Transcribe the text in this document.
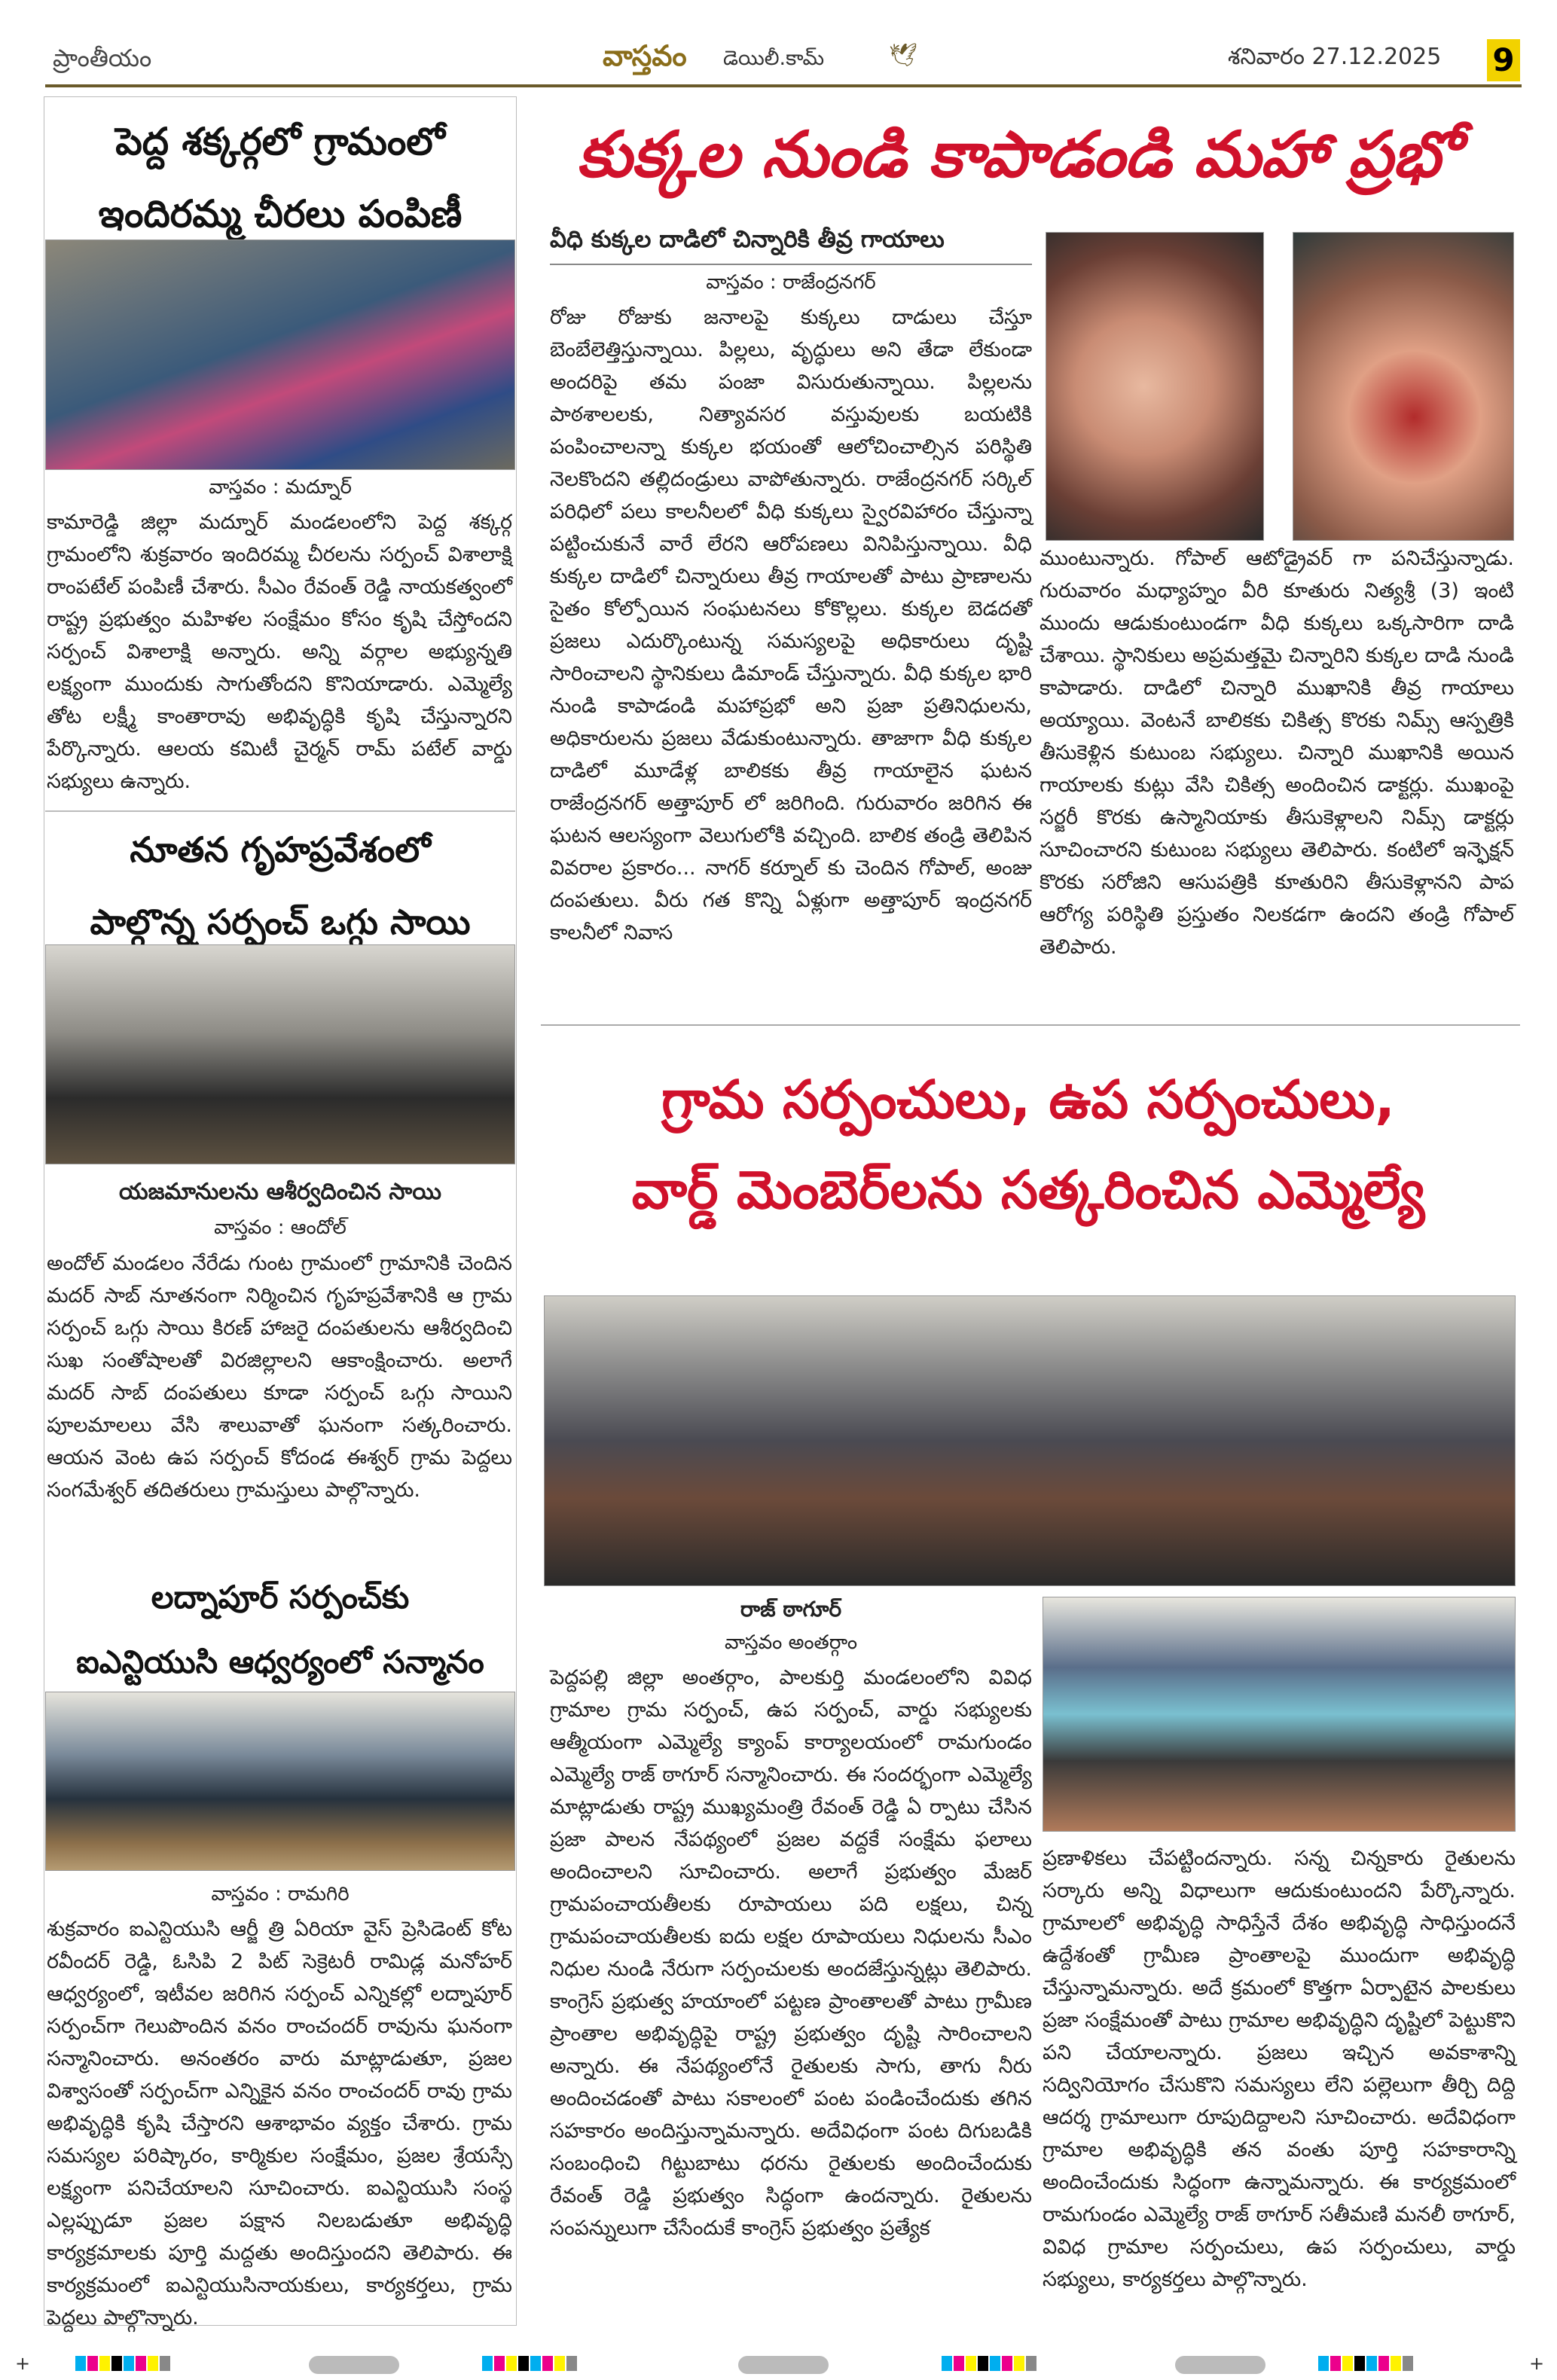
ప్రాంతీయం	వాస్తవం డెయిలీ.కామ్	🕊	శనివారం 27.12.2025 9
పెద్ద శక్కర్గలో గ్రామంలో
ఇందిరమ్మ చీరలు పంపిణీ
వాస్తవం : మద్నూర్

కామారెడ్డి జిల్లా మద్నూర్ మండలంలోని పెద్ద శక్కర్గ గ్రామంలోని శుక్రవారం ఇందిరమ్మ చీరలను సర్పంచ్ విశాలాక్షి రాంపటేల్ పంపిణీ చేశారు. సీఎం రేవంత్ రెడ్డి నాయకత్వంలో రాష్ట్ర ప్రభుత్వం మహిళల సంక్షేమం కోసం కృషి చేస్తోందని సర్పంచ్ విశాలాక్షి అన్నారు. అన్ని వర్గాల అభ్యున్నతి లక్ష్యంగా ముందుకు సాగుతోందని కొనియాడారు. ఎమ్మెల్యే తోట లక్ష్మీ కాంతారావు అభివృద్ధికి కృషి చేస్తున్నారని పేర్కొన్నారు. ఆలయ కమిటీ చైర్మన్ రామ్ పటేల్ వార్డు సభ్యులు ఉన్నారు.

నూతన గృహప్రవేశంలో
పాల్గొన్న సర్పంచ్ ఒగ్గు సాయి
యజమానులను ఆశీర్వదించిన సాయి
వాస్తవం : ఆందోల్

అందోల్ మండలం నేరేడు గుంట గ్రామంలో గ్రామానికి చెందిన మదర్ సాబ్ నూతనంగా నిర్మించిన గృహప్రవేశానికి ఆ గ్రామ సర్పంచ్ ఒగ్గు సాయి కిరణ్ హాజరై దంపతులను ఆశీర్వదించి సుఖ సంతోషాలతో విరజిల్లాలని ఆకాంక్షించారు. అలాగే మదర్ సాబ్ దంపతులు కూడా సర్పంచ్ ఒగ్గు సాయిని పూలమాలలు వేసి శాలువాతో ఘనంగా సత్కరించారు. ఆయన వెంట ఉప సర్పంచ్ కోదండ ఈశ్వర్ గ్రామ పెద్దలు సంగమేశ్వర్ తదితరులు గ్రామస్తులు పాల్గొన్నారు.

లద్నాపూర్ సర్పంచ్‌కు
ఐఎన్టియుసి ఆధ్వర్యంలో సన్మానం
వాస్తవం : రామగిరి

శుక్రవారం ఐఎన్టియుసి ఆర్జీ త్రి ఏరియా వైస్ ప్రెసిడెంట్ కోట రవీందర్ రెడ్డి, ఓసిపి 2 పిట్ సెక్రెటరీ రామిడ్ల మనోహర్ ఆధ్వర్యంలో, ఇటీవల జరిగిన సర్పంచ్ ఎన్నికల్లో లద్నాపూర్ సర్పంచ్‌గా గెలుపొందిన వనం రాంచందర్ రావును ఘనంగా సన్మానించారు. అనంతరం వారు మాట్లాడుతూ, ప్రజల విశ్వాసంతో సర్పంచ్‌గా ఎన్నికైన వనం రాంచందర్ రావు గ్రామ అభివృద్ధికి కృషి చేస్తారని ఆశాభావం వ్యక్తం చేశారు. గ్రామ సమస్యల పరిష్కారం, కార్మికుల సంక్షేమం, ప్రజల శ్రేయస్సే లక్ష్యంగా పనిచేయాలని సూచించారు. ఐఎన్టియుసి సంస్థ ఎల్లప్పుడూ ప్రజల పక్షాన నిలబడుతూ అభివృద్ధి కార్యక్రమాలకు పూర్తి మద్దతు అందిస్తుందని తెలిపారు. ఈ కార్యక్రమంలో ఐఎన్టియుసినాయకులు, కార్యకర్తలు, గ్రామ పెద్దలు పాల్గొన్నారు.

కుక్కల నుండి కాపాడండి మహా ప్రభో
వీధి కుక్కల దాడిలో చిన్నారికి తీవ్ర గాయాలు
వాస్తవం : రాజేంద్రనగర్

రోజు రోజుకు జనాలపై కుక్కలు దాడులు చేస్తూ బెంబేలెత్తిస్తున్నాయి. పిల్లలు, వృద్ధులు అని తేడా లేకుండా అందరిపై తమ పంజా విసురుతున్నాయి. పిల్లలను పాఠశాలలకు, నిత్యావసర వస్తువులకు బయటికి పంపించాలన్నా కుక్కల భయంతో ఆలోచించాల్సిన పరిస్థితి నెలకొందని తల్లిదండ్రులు వాపోతున్నారు. రాజేంద్రనగర్ సర్కిల్ పరిధిలో పలు కాలనీలలో వీధి కుక్కలు స్వైరవిహారం చేస్తున్నా పట్టించుకునే వారే లేరని ఆరోపణలు వినిపిస్తున్నాయి. వీధి కుక్కల దాడిలో చిన్నారులు తీవ్ర గాయాలతో పాటు ప్రాణాలను సైతం కోల్పోయిన సంఘటనలు కోకొల్లలు. కుక్కల బెడదతో ప్రజలు ఎదుర్కొంటున్న సమస్యలపై అధికారులు దృష్టి సారించాలని స్థానికులు డిమాండ్ చేస్తున్నారు. వీధి కుక్కల భారి నుండి కాపాడండి మహాప్రభో అని ప్రజా ప్రతినిధులను, అధికారులను ప్రజలు వేడుకుంటున్నారు. తాజాగా వీధి కుక్కల దాడిలో మూడేళ్ల బాలికకు తీవ్ర గాయాలైన ఘటన రాజేంద్రనగర్ అత్తాపూర్ లో జరిగింది. గురువారం జరిగిన ఈ ఘటన ఆలస్యంగా వెలుగులోకి వచ్చింది. బాలిక తండ్రి తెలిపిన వివరాల ప్రకారం... నాగర్ కర్నూల్ కు చెందిన గోపాల్, అంజు దంపతులు. వీరు గత కొన్ని ఏళ్లుగా అత్తాపూర్ ఇంద్రనగర్ కాలనీలో నివాస

ముంటున్నారు. గోపాల్ ఆటోడ్రైవర్ గా పనిచేస్తున్నాడు. గురువారం మధ్యాహ్నం వీరి కూతురు నిత్యశ్రీ (3) ఇంటి ముందు ఆడుకుంటుండగా వీధి కుక్కలు ఒక్కసారిగా దాడి చేశాయి. స్థానికులు అప్రమత్తమై చిన్నారిని కుక్కల దాడి నుండి కాపాడారు. దాడిలో చిన్నారి ముఖానికి తీవ్ర గాయాలు అయ్యాయి. వెంటనే బాలికకు చికిత్స కొరకు నిమ్స్ ఆస్పత్రికి తీసుకెళ్లిన కుటుంబ సభ్యులు. చిన్నారి ముఖానికి అయిన గాయాలకు కుట్లు వేసి చికిత్స అందించిన డాక్టర్లు. ముఖంపై సర్జరీ కొరకు ఉస్మానియాకు తీసుకెళ్లాలని నిమ్స్ డాక్టర్లు సూచించారని కుటుంబ సభ్యులు తెలిపారు. కంటిలో ఇన్ఫెక్షన్ కొరకు సరోజిని ఆసుపత్రికి కూతురిని తీసుకెళ్లానని పాప ఆరోగ్య పరిస్థితి ప్రస్తుతం నిలకడగా ఉందని తండ్రి గోపాల్ తెలిపారు.

గ్రామ సర్పంచులు, ఉప సర్పంచులు,
వార్డ్ మెంబెర్‌లను సత్కరించిన ఎమ్మెల్యే
రాజ్ ఠాగూర్
వాస్తవం అంతర్గాం

పెద్దపల్లి జిల్లా అంతర్గాం, పాలకుర్తి మండలంలోని వివిధ గ్రామాల గ్రామ సర్పంచ్, ఉప సర్పంచ్, వార్డు సభ్యులకు ఆత్మీయంగా ఎమ్మెల్యే క్యాంప్ కార్యాలయంలో రామగుండం ఎమ్మెల్యే రాజ్ ఠాగూర్ సన్మానించారు. ఈ సందర్భంగా ఎమ్మెల్యే మాట్లాడుతు రాష్ట్ర ముఖ్యమంత్రి రేవంత్ రెడ్డి ఏ ర్పాటు చేసిన ప్రజా పాలన నేపథ్యంలో ప్రజల వద్దకే సంక్షేమ ఫలాలు అందించాలని సూచించారు. అలాగే ప్రభుత్వం మేజర్ గ్రామపంచాయతీలకు రూపాయలు పది లక్షలు, చిన్న గ్రామపంచాయతీలకు ఐదు లక్షల రూపాయలు నిధులను సీఎం నిధుల నుండి నేరుగా సర్పంచులకు అందజేస్తున్నట్లు తెలిపారు. కాంగ్రెస్ ప్రభుత్వ హయాంలో పట్టణ ప్రాంతాలతో పాటు గ్రామీణ ప్రాంతాల అభివృద్ధిపై రాష్ట్ర ప్రభుత్వం దృష్టి సారించాలని అన్నారు. ఈ నేపథ్యంలోనే రైతులకు సాగు, తాగు నీరు అందించడంతో పాటు సకాలంలో పంట పండించేందుకు తగిన సహకారం అందిస్తున్నామన్నారు. అదేవిధంగా పంట దిగుబడికి సంబంధించి గిట్టుబాటు ధరను రైతులకు అందించేందుకు రేవంత్ రెడ్డి ప్రభుత్వం సిద్ధంగా ఉందన్నారు. రైతులను సంపన్నులుగా చేసేందుకే కాంగ్రెస్ ప్రభుత్వం ప్రత్యేక

ప్రణాళికలు చేపట్టిందన్నారు. సన్న చిన్నకారు రైతులను సర్కారు అన్ని విధాలుగా ఆదుకుంటుందని పేర్కొన్నారు. గ్రామాలలో అభివృద్ధి సాధిస్తేనే దేశం అభివృద్ధి సాధిస్తుందనే ఉద్దేశంతో గ్రామీణ ప్రాంతాలపై ముందుగా అభివృద్ధి చేస్తున్నామన్నారు. అదే క్రమంలో కొత్తగా ఏర్పాటైన పాలకులు ప్రజా సంక్షేమంతో పాటు గ్రామాల అభివృద్ధిని దృష్టిలో పెట్టుకొని పని చేయాలన్నారు. ప్రజలు ఇచ్చిన అవకాశాన్ని సద్వినియోగం చేసుకొని సమస్యలు లేని పల్లెలుగా తీర్చి దిద్ది ఆదర్శ గ్రామాలుగా రూపుదిద్దాలని సూచించారు. అదేవిధంగా గ్రామాల అభివృద్ధికి తన వంతు పూర్తి సహకారాన్ని అందించేందుకు సిద్ధంగా ఉన్నామన్నారు. ఈ కార్యక్రమంలో రామగుండం ఎమ్మెల్యే రాజ్ ఠాగూర్ సతీమణి మనలీ ఠాగూర్, వివిధ గ్రామాల సర్పంచులు, ఉప సర్పంచులు, వార్డు సభ్యులు, కార్యకర్తలు పాల్గొన్నారు.

+	+
